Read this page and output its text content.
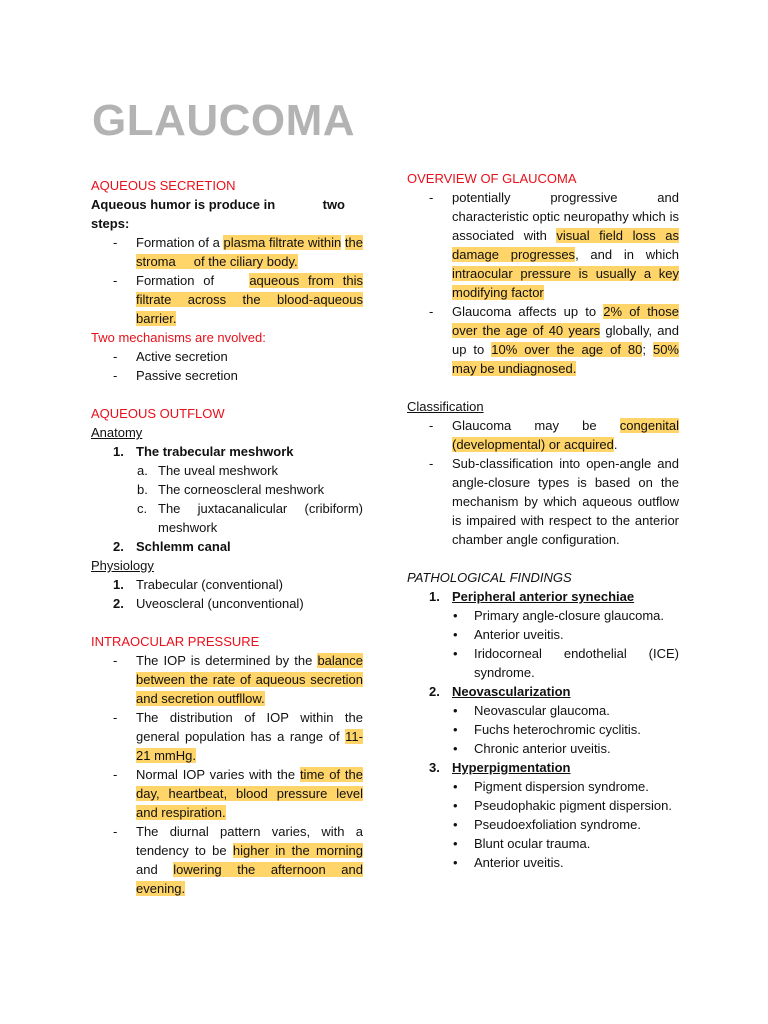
GLAUCOMA
AQUEOUS SECRETION
Aqueous humor is produce in	two
steps:
-	Formation of a plasma filtrate within the stroma of the ciliary body.
-	Formation of	aqueous from this filtrate across the blood-aqueous barrier.
Two mechanisms are nvolved:
-	Active secretion
-	Passive secretion
AQUEOUS OUTFLOW
Anatomy
1. The trabecular meshwork
a. The uveal meshwork
b. The corneoscleral meshwork
c. The juxtacanalicular (cribiform) meshwork
2. Schlemm canal
Physiology
1. Trabecular (conventional)
2. Uveoscleral (unconventional)
INTRAOCULAR PRESSURE
-	The IOP is determined by the balance between the rate of aqueous secretion and secretion outfllow.
-	The distribution of IOP within the general population has a range of 11-21 mmHg.
-	Normal IOP varies with the time of the day, heartbeat, blood pressure level and respiration.
-	The diurnal pattern varies, with a tendency to be higher in the morning and lowering the afternoon and evening.
OVERVIEW OF GLAUCOMA
-	potentially progressive and characteristic optic neuropathy which is associated with visual field loss as damage progresses, and in which intraocular pressure is usually a key modifying factor
-	Glaucoma affects up to 2% of those over the age of 40 years globally, and up to 10% over the age of 80; 50% may be undiagnosed.
Classification
-	Glaucoma may be congenital (developmental) or acquired.
-	Sub-classification into open-angle and angle-closure types is based on the mechanism by which aqueous outflow is impaired with respect to the anterior chamber angle configuration.
PATHOLOGICAL FINDINGS
1. Peripheral anterior synechiae
•	Primary angle-closure glaucoma.
•	Anterior uveitis.
•	Iridocorneal endothelial (ICE) syndrome.
2. Neovascularization
•	Neovascular glaucoma.
•	Fuchs heterochromic cyclitis.
•	Chronic anterior uveitis.
3. Hyperpigmentation
•	Pigment dispersion syndrome.
•	Pseudophakic pigment dispersion.
•	Pseudoexfoliation syndrome.
•	Blunt ocular trauma.
•	Anterior uveitis.
